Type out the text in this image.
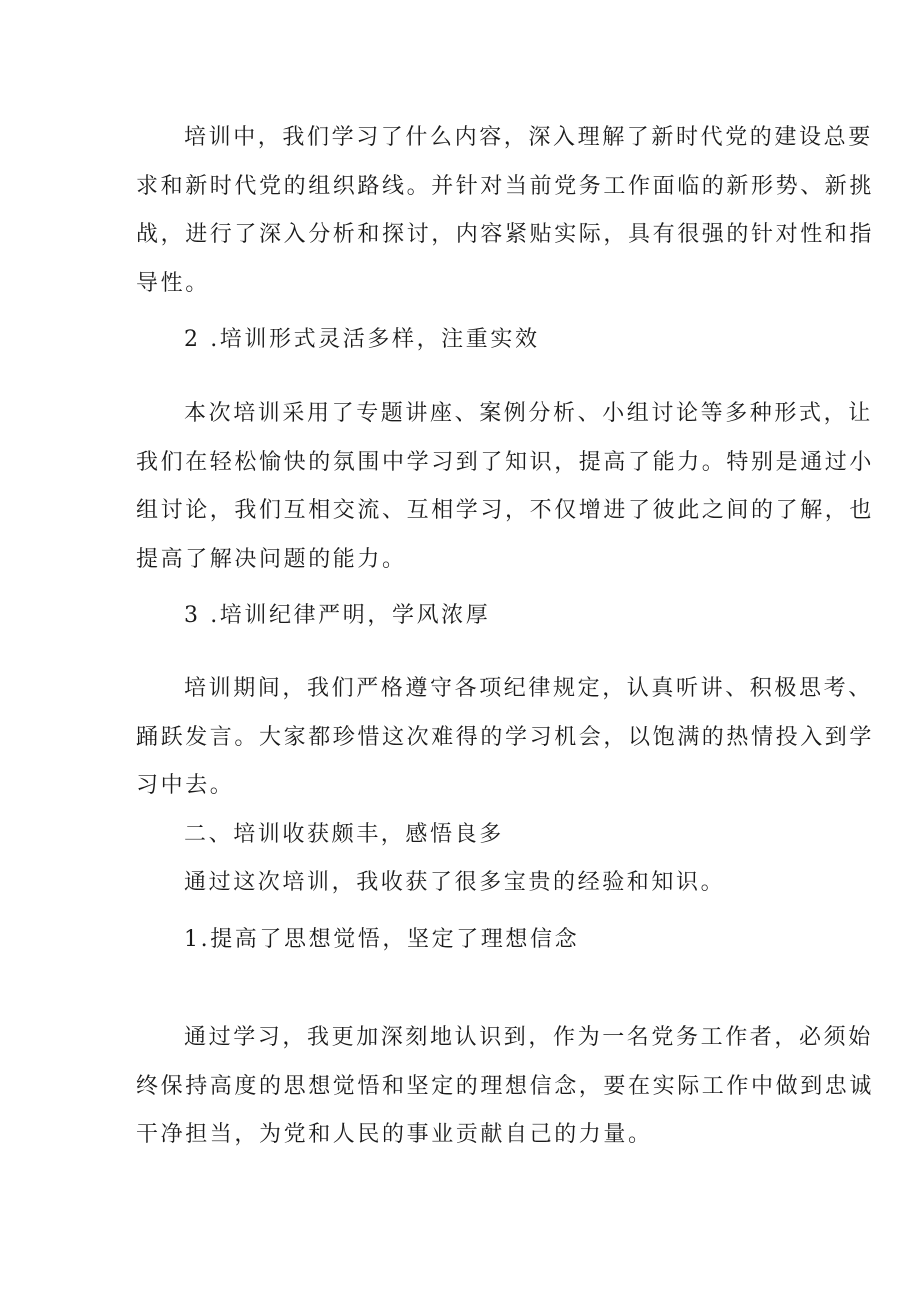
培训中，我们学习了什么内容，深入理解了新时代党的建设总要
求和新时代党的组织路线。并针对当前党务工作面临的新形势、新挑
战，进行了深入分析和探讨，内容紧贴实际，具有很强的针对性和指
导性。
2 .培训形式灵活多样，注重实效
本次培训采用了专题讲座、案例分析、小组讨论等多种形式，让
我们在轻松愉快的氛围中学习到了知识，提高了能力。特别是通过小
组讨论，我们互相交流、互相学习，不仅增进了彼此之间的了解，也
提高了解决问题的能力。
3 .培训纪律严明，学风浓厚
培训期间，我们严格遵守各项纪律规定，认真听讲、积极思考、
踊跃发言。大家都珍惜这次难得的学习机会，以饱满的热情投入到学
习中去。
二、培训收获颇丰，感悟良多
通过这次培训，我收获了很多宝贵的经验和知识。
1.提高了思想觉悟，坚定了理想信念
通过学习，我更加深刻地认识到，作为一名党务工作者，必须始
终保持高度的思想觉悟和坚定的理想信念，要在实际工作中做到忠诚
干净担当，为党和人民的事业贡献自己的力量。
